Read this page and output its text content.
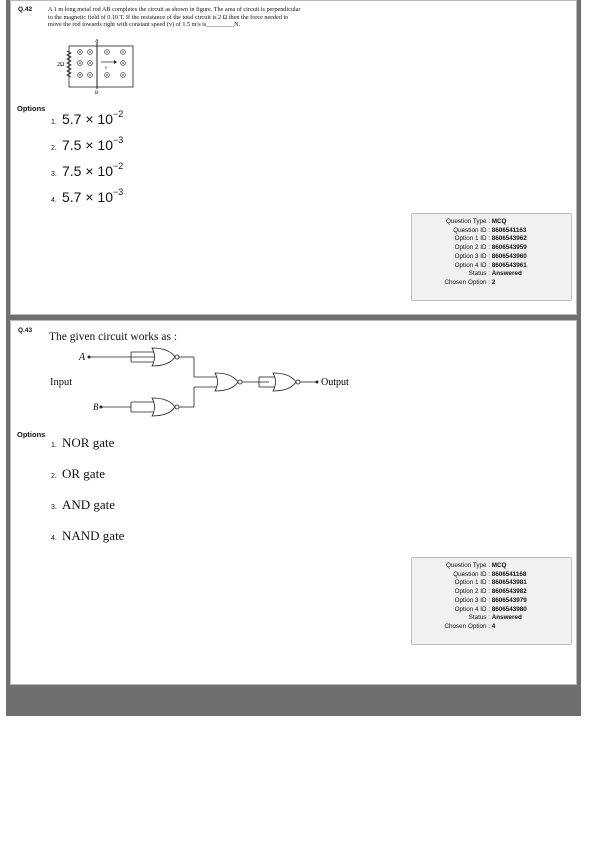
Q.42	A 1 m long metal rod AB completes the circuit as shown in figure. The area of circuit is perpendicular
to the magnetic field of 0.10 T. If the resistance of the total circuit is 2 Ω then the force needed to
move the rod towards right with constant speed (v) of 1.5 m/s is_________N.
2Ω
A
B
v
Options
1. $5.7 \times 10^{-2}$
2. $7.5 \times 10^{-3}$
3. $7.5 \times 10^{-2}$
4. $5.7 \times 10^{-3}$
Question Type : MCQ
Question ID : 8606541163
Option 1 ID : 8606543962
Option 2 ID : 8606543959
Option 3 ID : 8606543960
Option 4 ID : 8606543961
Status : Answered
Chosen Option : 2
Q.43
The given circuit works as :
Input
A
B
Output
Options
1. NOR gate
2. OR gate
3. AND gate
4. NAND gate
Question Type : MCQ
Question ID : 8606541168
Option 1 ID : 8606543981
Option 2 ID : 8606543982
Option 3 ID : 8606543979
Option 4 ID : 8606543980
Status : Answered
Chosen Option : 4
